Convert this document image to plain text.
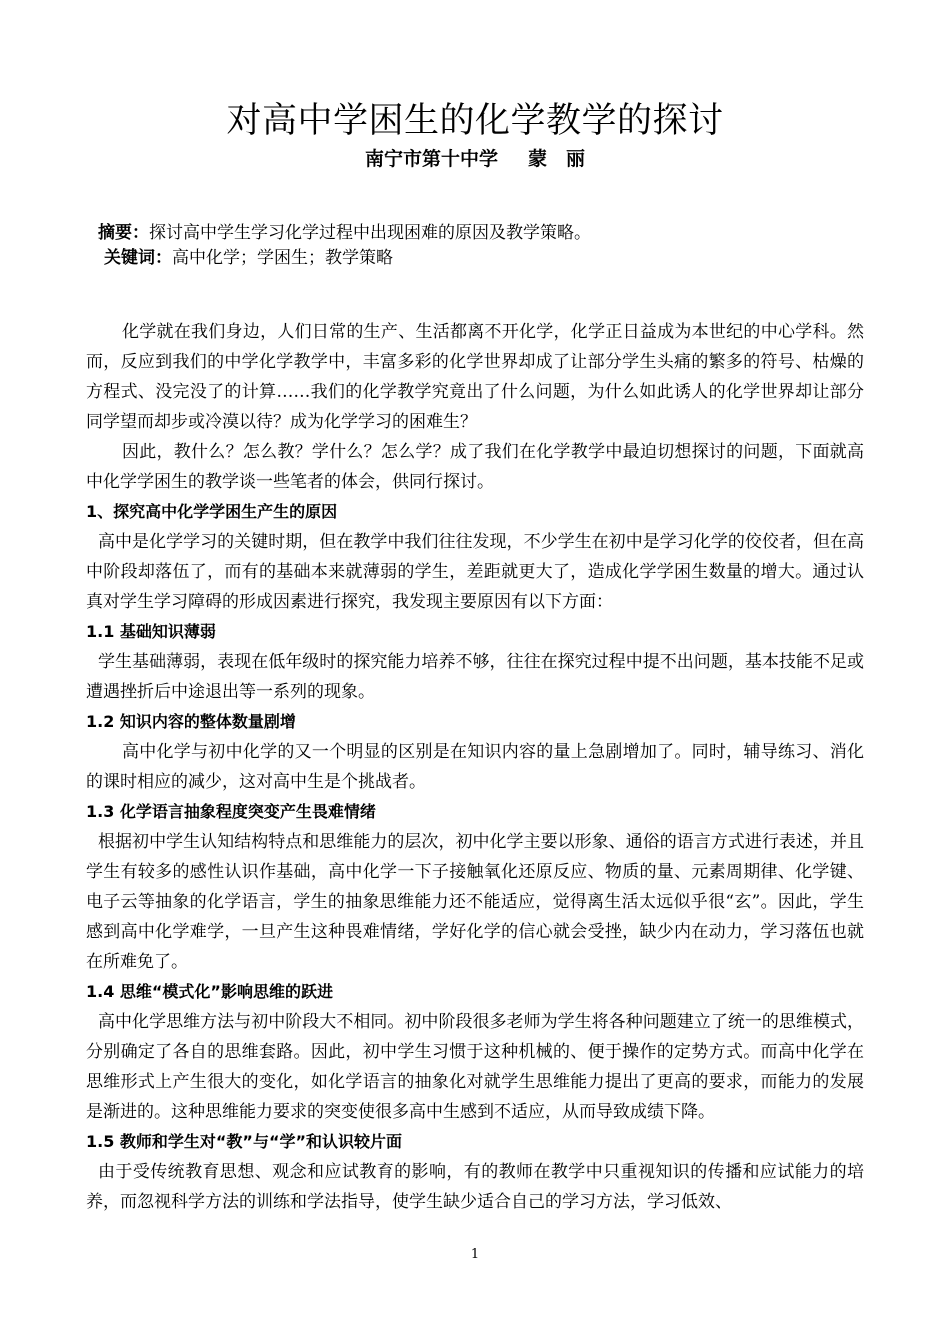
对高中学困生的化学教学的探讨
南宁市第十中学 蒙　丽
摘要：探讨高中学生学习化学过程中出现困难的原因及教学策略。
关键词：高中化学；学困生；教学策略

化学就在我们身边，人们日常的生产、生活都离不开化学，化学正日益成为本世纪的中心学科。然而，反应到我们的中学化学教学中，丰富多彩的化学世界却成了让部分学生头痛的繁多的符号、枯燥的方程式、没完没了的计算……我们的化学教学究竟出了什么问题，为什么如此诱人的化学世界却让部分同学望而却步或冷漠以待？成为化学学习的困难生？

因此，教什么？怎么教？学什么？怎么学？成了我们在化学教学中最迫切想探讨的问题，下面就高中化学学困生的教学谈一些笔者的体会，供同行探讨。

1、探究高中化学学困生产生的原因

高中是化学学习的关键时期，但在教学中我们往往发现，不少学生在初中是学习化学的佼佼者，但在高中阶段却落伍了，而有的基础本来就薄弱的学生，差距就更大了，造成化学学困生数量的增大。通过认真对学生学习障碍的形成因素进行探究，我发现主要原因有以下方面：

1.1 基础知识薄弱

学生基础薄弱，表现在低年级时的探究能力培养不够，往往在探究过程中提不出问题，基本技能不足或遭遇挫折后中途退出等一系列的现象。

1.2 知识内容的整体数量剧增

高中化学与初中化学的又一个明显的区别是在知识内容的量上急剧增加了。同时，辅导练习、消化的课时相应的减少，这对高中生是个挑战者。

1.3 化学语言抽象程度突变产生畏难情绪

根据初中学生认知结构特点和思维能力的层次，初中化学主要以形象、通俗的语言方式进行表述，并且学生有较多的感性认识作基础，高中化学一下子接触氧化还原反应、物质的量、元素周期律、化学键、电子云等抽象的化学语言，学生的抽象思维能力还不能适应，觉得离生活太远似乎很“玄”。因此，学生感到高中化学难学，一旦产生这种畏难情绪，学好化学的信心就会受挫，缺少内在动力，学习落伍也就在所难免了。

1.4 思维“模式化”影响思维的跃进

高中化学思维方法与初中阶段大不相同。初中阶段很多老师为学生将各种问题建立了统一的思维模式，分别确定了各自的思维套路。因此，初中学生习惯于这种机械的、便于操作的定势方式。而高中化学在思维形式上产生很大的变化，如化学语言的抽象化对就学生思维能力提出了更高的要求，而能力的发展是渐进的。这种思维能力要求的突变使很多高中生感到不适应，从而导致成绩下降。

1.5 教师和学生对“教”与“学”和认识较片面

由于受传统教育思想、观念和应试教育的影响，有的教师在教学中只重视知识的传播和应试能力的培养，而忽视科学方法的训练和学法指导，使学生缺少适合自己的学习方法，学习低效、

1
